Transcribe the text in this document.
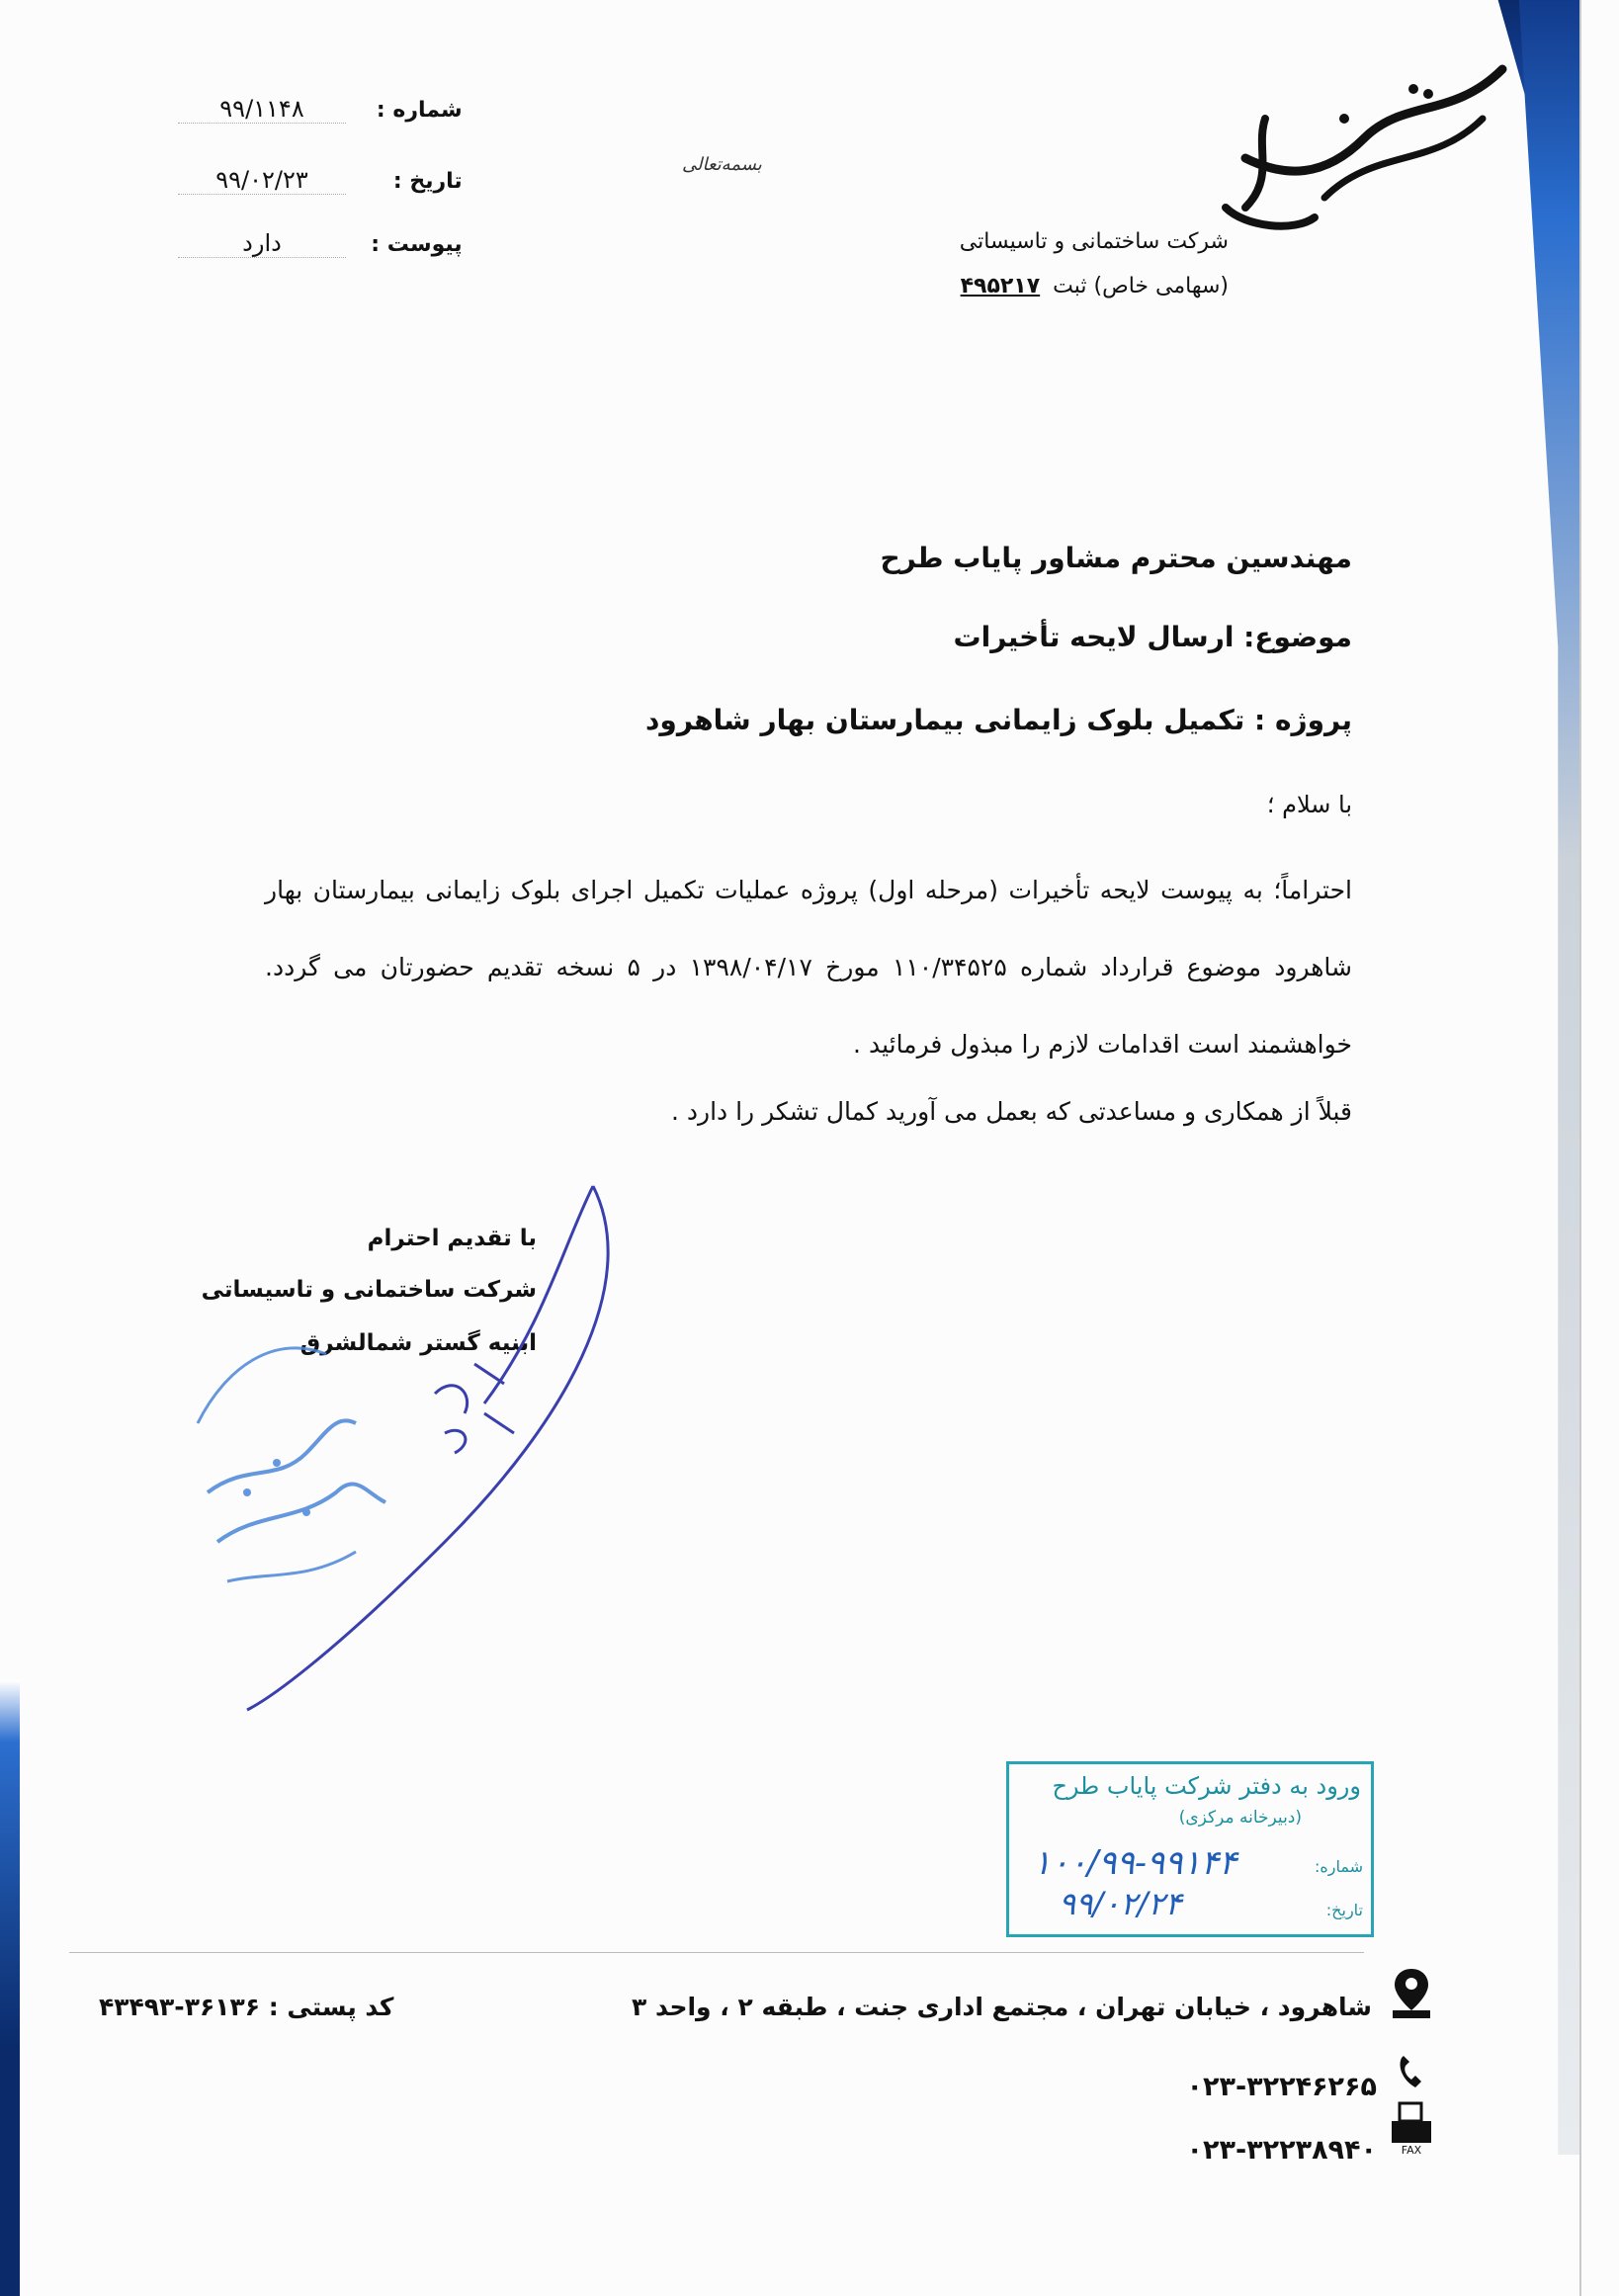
شرکت ساختمانی و تاسیساتی
(سهامی خاص) ثبت ۴۹۵۲۱۷
بسمه‌تعالی
شماره : ۹۹/۱۱۴۸
تاریخ : ۹۹/۰۲/۲۳
پیوست : دارد
مهندسین محترم مشاور پایاب طرح
موضوع: ارسال لایحه تأخیرات
پروژه : تکمیل بلوک زایمانی بیمارستان بهار شاهرود
با سلام ؛
احتراماً؛ به پیوست لایحه تأخیرات (مرحله اول) پروژه عملیات تکمیل اجرای بلوک زایمانی بیمارستان بهار شاهرود موضوع قرارداد شماره ۱۱۰/۳۴۵۲۵ مورخ ۱۳۹۸/۰۴/۱۷ در ۵ نسخه تقدیم حضورتان می گردد. خواهشمند است اقدامات لازم را مبذول فرمائید .
قبلاً از همکاری و مساعدتی که بعمل می آورید کمال تشکر را دارد .
با تقدیم احترام
شرکت ساختمانی و تاسیساتی
ابنیه گستر شمالشرق
ورود به دفتر شرکت پایاب طرح
(دبیرخانه مرکزی)
شماره:
۱۰۰/۹۹-۹۹۱۴۴
تاریخ:
۹۹/۰۲/۲۴
FAX
شاهرود ، خیابان تهران ، مجتمع اداری جنت ، طبقه ۲ ، واحد ۳
کد پستی : ۳۶۱۳۶-۴۳۴۹۳
۰۲۳-۳۲۲۴۶۲۶۵
۰۲۳-۳۲۲۳۸۹۴۰
